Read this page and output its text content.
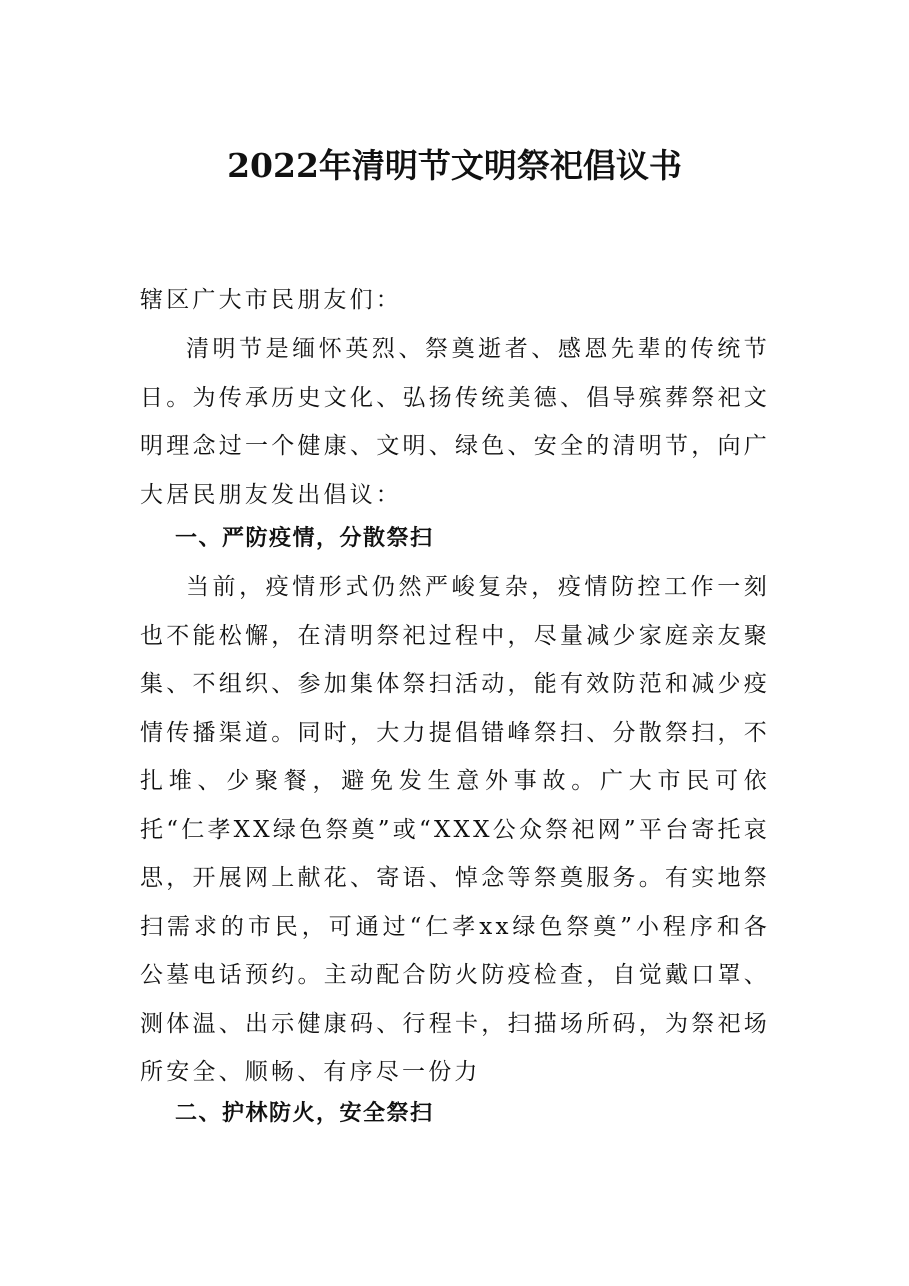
2022年清明节文明祭祀倡议书
辖区广大市民朋友们：
清明节是缅怀英烈、祭奠逝者、感恩先辈的传统节日。为传承历史文化、弘扬传统美德、倡导殡葬祭祀文明理念过一个健康、文明、绿色、安全的清明节，向广大居民朋友发出倡议：
一、严防疫情，分散祭扫
当前，疫情形式仍然严峻复杂，疫情防控工作一刻也不能松懈，在清明祭祀过程中，尽量减少家庭亲友聚集、不组织、参加集体祭扫活动，能有效防范和减少疫情传播渠道。同时，大力提倡错峰祭扫、分散祭扫，不扎堆、少聚餐，避免发生意外事故。广大市民可依托“仁孝XX绿色祭奠”或“XXX公众祭祀网”平台寄托哀思，开展网上献花、寄语、悼念等祭奠服务。有实地祭扫需求的市民，可通过“仁孝xx绿色祭奠”小程序和各公墓电话预约。主动配合防火防疫检查，自觉戴口罩、测体温、出示健康码、行程卡，扫描场所码，为祭祀场所安全、顺畅、有序尽一份力
二、护林防火，安全祭扫
